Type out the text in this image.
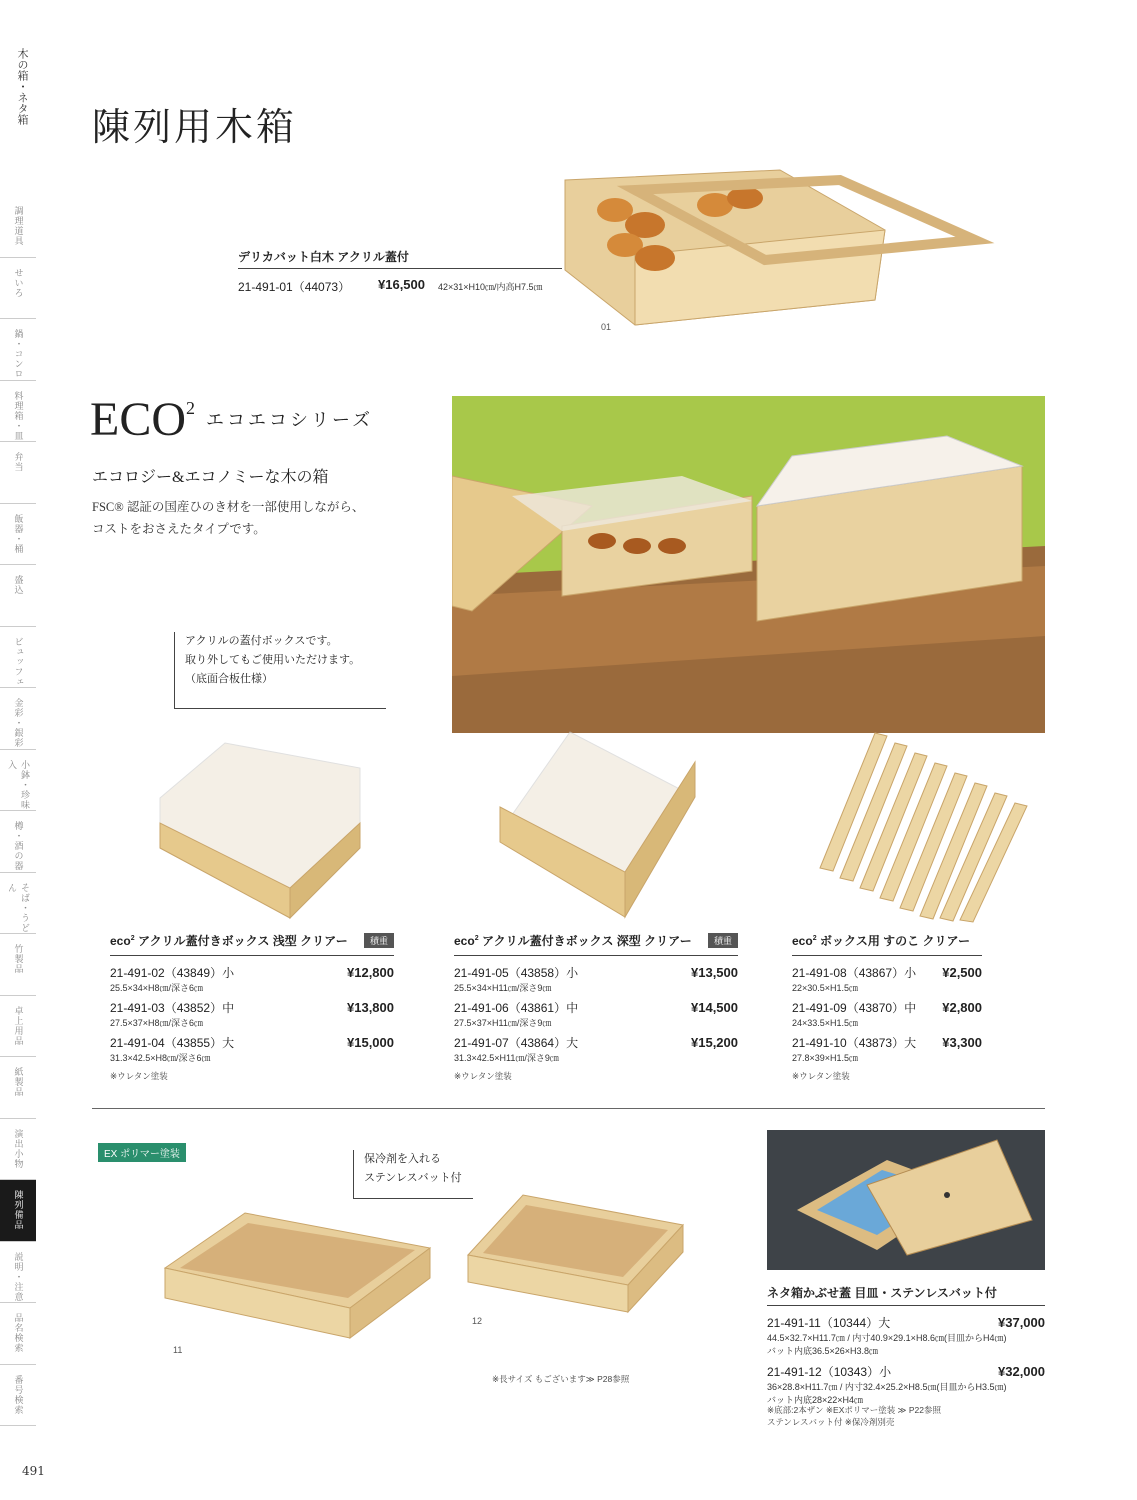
木の箱・ネタ箱
調理道具
せいろ
鍋・コンロ
料理箱・皿
弁当
飯器・桶
盛込
ビュッフェ
金彩・銀彩
小鉢・珍味入
樽・酒の器
そば・うどん
竹製品
卓上用品
紙製品
演出小物
陳列備品
説明・注意
品名検索
番号検索
491
陳列用木箱
デリカバット白木 アクリル蓋付
21-491-01（44073） ¥16,500 42×31×H10㎝/内高H7.5㎝
01
ECO$^2$
エコエコシリーズ
エコロジー&エコノミーな木の箱
FSC® 認証の国産ひのき材を一部使用しながら、
コストをおさえたタイプです。
アクリルの蓋付ボックスです。
取り外してもご使用いただけます。
（底面合板仕様）
eco$^2$ アクリル蓋付きボックス 浅型 クリアー	積重
21-491-02（43849）小	¥12,800
25.5×34×H8㎝/深さ6㎝
21-491-03（43852）中	¥13,800
27.5×37×H8㎝/深さ6㎝
21-491-04（43855）大	¥15,000
31.3×42.5×H8㎝/深さ6㎝
※ウレタン塗装
eco$^2$ アクリル蓋付きボックス 深型 クリアー	積重
21-491-05（43858）小	¥13,500
25.5×34×H11㎝/深さ9㎝
21-491-06（43861）中	¥14,500
27.5×37×H11㎝/深さ9㎝
21-491-07（43864）大	¥15,200
31.3×42.5×H11㎝/深さ9㎝
※ウレタン塗装
eco$^2$ ボックス用 すのこ クリアー
21-491-08（43867）小 ¥2,500
22×30.5×H1.5㎝
21-491-09（43870）中 ¥2,800
24×33.5×H1.5㎝
21-491-10（43873）大 ¥3,300
27.8×39×H1.5㎝
※ウレタン塗装
EX ポリマー塗装	保冷剤を入れる
ステンレスバット付
11
12
※長サイズ もございます≫ P28参照
ネタ箱かぶせ蓋 目皿・ステンレスバット付
21-491-11（10344）大	¥37,000
44.5×32.7×H11.7㎝ / 内寸40.9×29.1×H8.6㎝(目皿からH4㎝)
バット内底36.5×26×H3.8㎝
21-491-12（10343）小	¥32,000
36×28.8×H11.7㎝ / 内寸32.4×25.2×H8.5㎝(目皿からH3.5㎝)
バット内底28×22×H4㎝
※底部:2本ザン ※EXポリマー塗装 ≫ P22参照
ステンレスバット付 ※保冷剤別売
